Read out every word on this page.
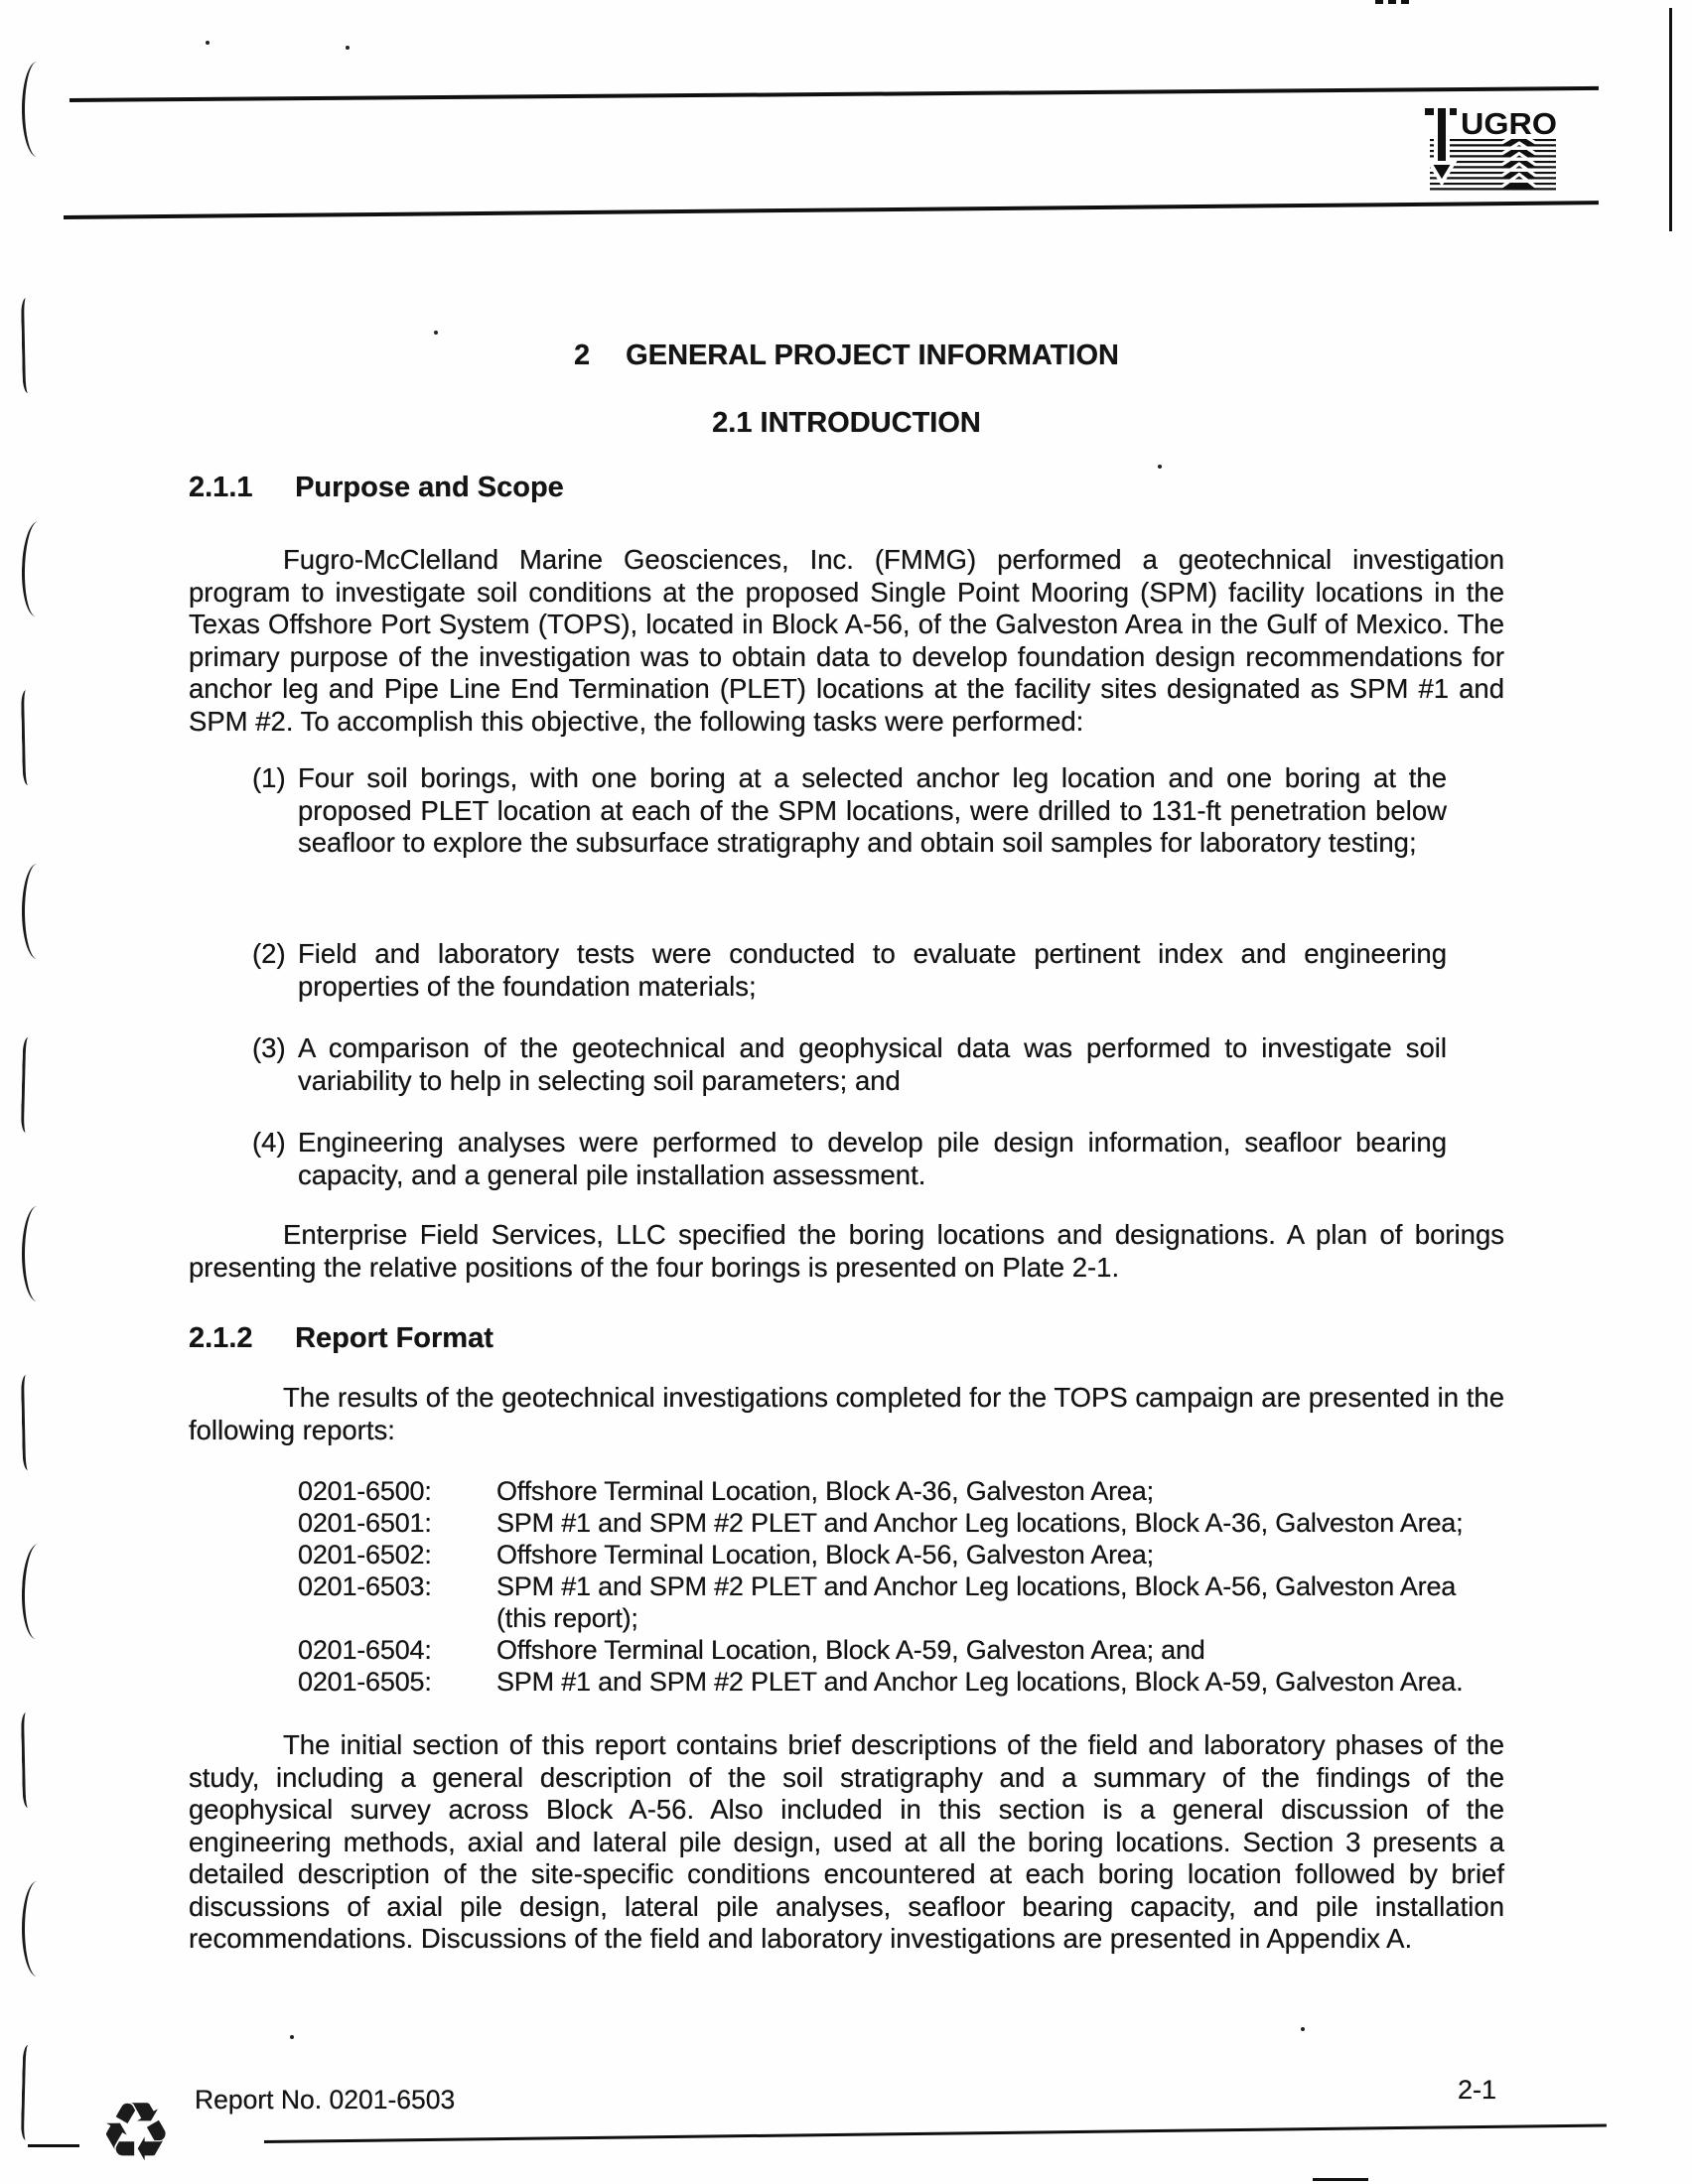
UGRO
2 GENERAL PROJECT INFORMATION
2.1 INTRODUCTION
2.1.1 Purpose and Scope

Fugro-McClelland Marine Geosciences, Inc. (FMMG) performed a geotechnical investigation program to investigate soil conditions at the proposed Single Point Mooring (SPM) facility locations in the Texas Offshore Port System (TOPS), located in Block A-56, of the Galveston Area in the Gulf of Mexico. The primary purpose of the investigation was to obtain data to develop foundation design recommendations for anchor leg and Pipe Line End Termination (PLET) locations at the facility sites designated as SPM #1 and SPM #2. To accomplish this objective, the following tasks were performed:

(1) Four soil borings, with one boring at a selected anchor leg location and one boring at the proposed PLET location at each of the SPM locations, were drilled to 131-ft penetration below seafloor to explore the subsurface stratigraphy and obtain soil samples for laboratory testing;
(2) Field and laboratory tests were conducted to evaluate pertinent index and engineering properties of the foundation materials;
(3) A comparison of the geotechnical and geophysical data was performed to investigate soil variability to help in selecting soil parameters; and
(4) Engineering analyses were performed to develop pile design information, seafloor bearing capacity, and a general pile installation assessment.

Enterprise Field Services, LLC specified the boring locations and designations. A plan of borings presenting the relative positions of the four borings is presented on Plate 2-1.

2.1.2 Report Format

The results of the geotechnical investigations completed for the TOPS campaign are presented in the following reports:

0201-6500:	Offshore Terminal Location, Block A-36, Galveston Area;
0201-6501:	SPM #1 and SPM #2 PLET and Anchor Leg locations, Block A-36, Galveston Area;
0201-6502:	Offshore Terminal Location, Block A-56, Galveston Area;
0201-6503:	SPM #1 and SPM #2 PLET and Anchor Leg locations, Block A-56, Galveston Area
(this report);
0201-6504:	Offshore Terminal Location, Block A-59, Galveston Area; and
0201-6505:	SPM #1 and SPM #2 PLET and Anchor Leg locations, Block A-59, Galveston Area.

The initial section of this report contains brief descriptions of the field and laboratory phases of the study, including a general description of the soil stratigraphy and a summary of the findings of the geophysical survey across Block A-56. Also included in this section is a general discussion of the engineering methods, axial and lateral pile design, used at all the boring locations. Section 3 presents a detailed description of the site-specific conditions encountered at each boring location followed by brief discussions of axial pile design, lateral pile analyses, seafloor bearing capacity, and pile installation recommendations. Discussions of the field and laboratory investigations are presented in Appendix A.

Report No. 0201-6503	2-1
♻
